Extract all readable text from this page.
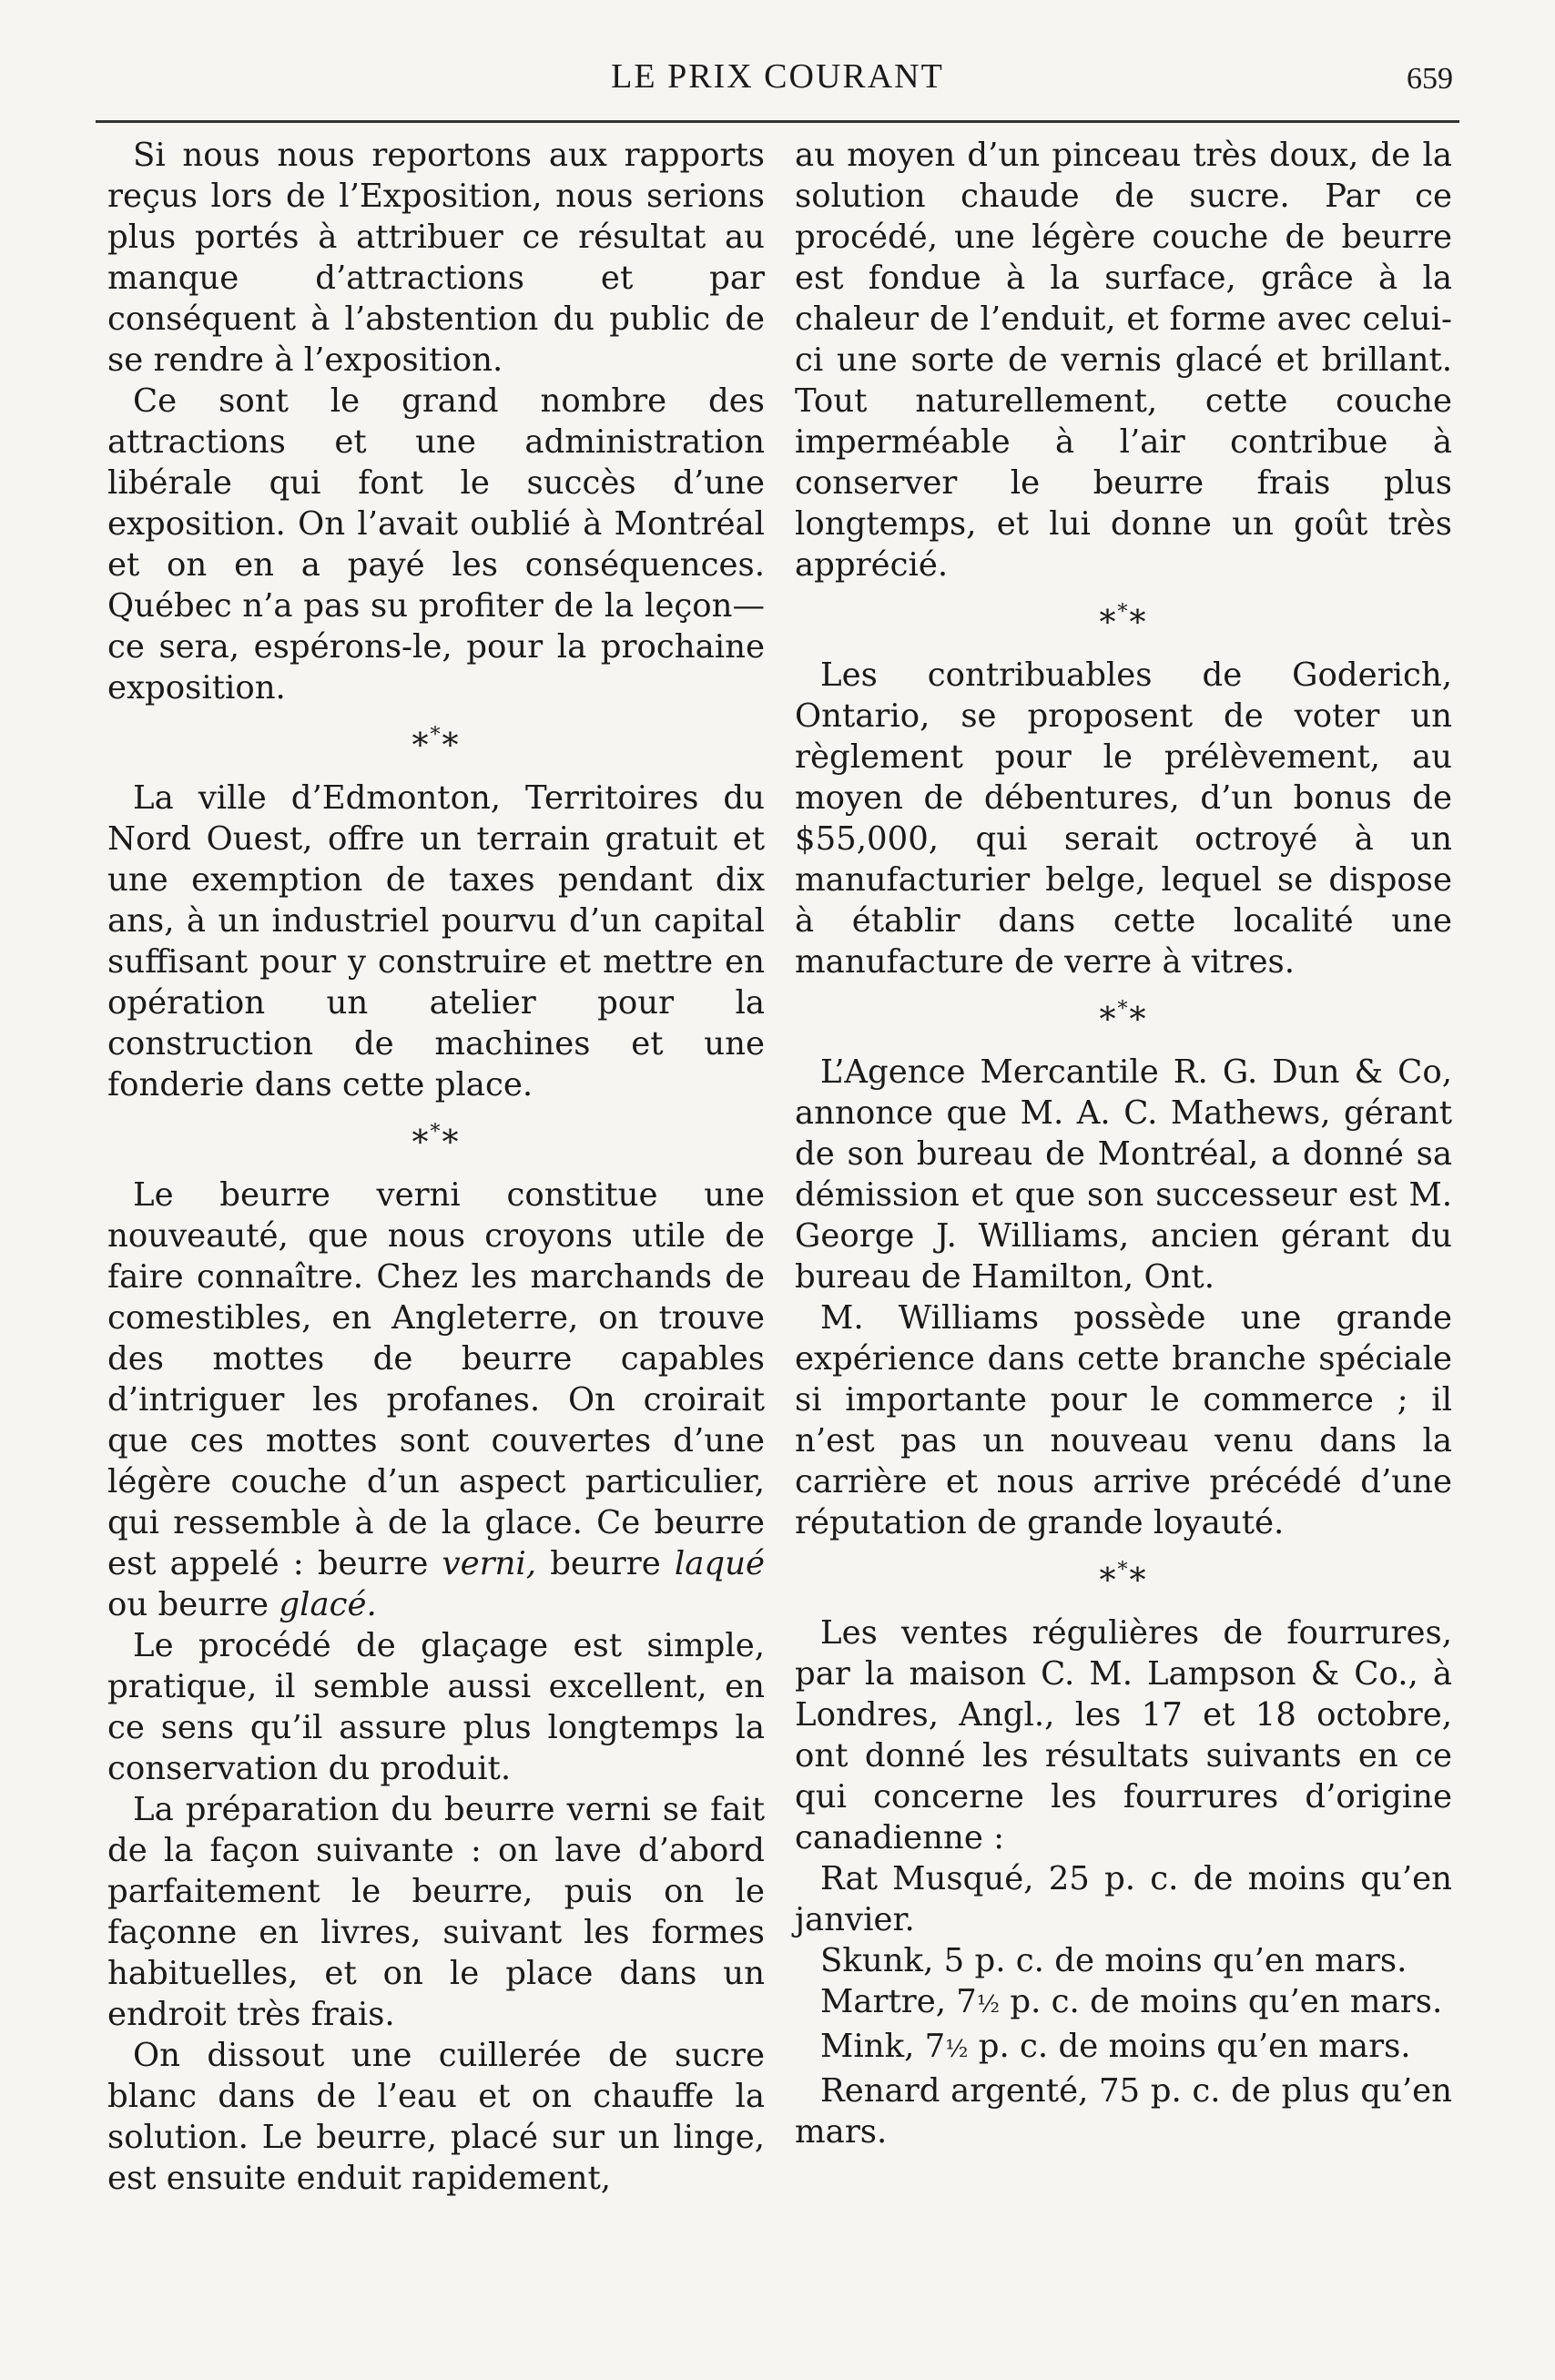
LE PRIX COURANT	659

Si nous nous reportons aux rapports reçus lors de l’Exposition, nous serions plus portés à attribuer ce résultat au manque d’attractions et par conséquent à l’abstention du public de se rendre à l’exposition.

Ce sont le grand nombre des attractions et une administration libérale qui font le succès d’une exposition. On l’avait oublié à Montréal et on en a payé les conséquences. Québec n’a pas su profiter de la leçon—ce sera, espérons-le, pour la prochaine exposition.

***

La ville d’Edmonton, Territoires du Nord Ouest, offre un terrain gratuit et une exemption de taxes pendant dix ans, à un industriel pourvu d’un capital suffisant pour y construire et mettre en opération un atelier pour la construction de machines et une fonderie dans cette place.

***

Le beurre verni constitue une nouveauté, que nous croyons utile de faire connaître. Chez les marchands de comestibles, en Angleterre, on trouve des mottes de beurre capables d’intriguer les profanes. On croirait que ces mottes sont couvertes d’une légère couche d’un aspect particulier, qui ressemble à de la glace. Ce beurre est appelé : beurre verni, beurre laqué ou beurre glacé.

Le procédé de glaçage est simple, pratique, il semble aussi excellent, en ce sens qu’il assure plus longtemps la conservation du produit.

La préparation du beurre verni se fait de la façon suivante : on lave d’abord parfaitement le beurre, puis on le façonne en livres, suivant les formes habituelles, et on le place dans un endroit très frais.

On dissout une cuillerée de sucre blanc dans de l’eau et on chauffe la solution. Le beurre, placé sur un linge, est ensuite enduit rapidement,

au moyen d’un pinceau très doux, de la solution chaude de sucre. Par ce procédé, une légère couche de beurre est fondue à la surface, grâce à la chaleur de l’enduit, et forme avec celui-ci une sorte de vernis glacé et brillant. Tout naturellement, cette couche imperméable à l’air contribue à conserver le beurre frais plus longtemps, et lui donne un goût très apprécié.

***

Les contribuables de Goderich, Ontario, se proposent de voter un règlement pour le prélèvement, au moyen de débentures, d’un bonus de $55,000, qui serait octroyé à un manufacturier belge, lequel se dispose à établir dans cette localité une manufacture de verre à vitres.

***

L’Agence Mercantile R. G. Dun & Co, annonce que M. A. C. Mathews, gérant de son bureau de Montréal, a donné sa démission et que son successeur est M. George J. Williams, ancien gérant du bureau de Hamilton, Ont.

M. Williams possède une grande expérience dans cette branche spéciale si importante pour le commerce ; il n’est pas un nouveau venu dans la carrière et nous arrive précédé d’une réputation de grande loyauté.

***

Les ventes régulières de fourrures, par la maison C. M. Lampson & Co., à Londres, Angl., les 17 et 18 octobre, ont donné les résultats suivants en ce qui concerne les fourrures d’origine canadienne :

Rat Musqué, 25 p. c. de moins qu’en janvier.

Skunk, 5 p. c. de moins qu’en mars.

Martre, 7½ p. c. de moins qu’en mars.

Mink, 7½ p. c. de moins qu’en mars.

Renard argenté, 75 p. c. de plus qu’en mars.
